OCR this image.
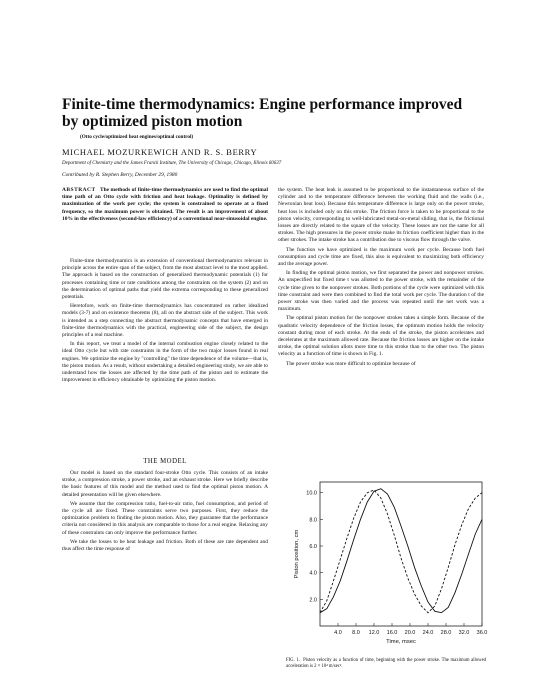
Finite-time thermodynamics: Engine performance improved by optimized piston motion
(Otto cycle/optimized heat engines/optimal control)
MICHAEL MOZURKEWICH AND R. S. BERRY
Department of Chemistry and the James Franck Institute, The University of Chicago, Chicago, Illinois 60637
Contributed by R. Stephen Berry, December 29, 1980

ABSTRACT The methods of finite-time thermodynamics are used to find the optimal time path of an Otto cycle with friction and heat leakage. Optimality is defined by maximization of the work per cycle; the system is constrained to operate at a fixed frequency, so the maximum power is obtained. The result is an improvement of about 10% in the effectiveness (second-law efficiency) of a conventional near-sinusoidal engine.

Finite-time thermodynamics is an extension of conventional thermodynamics relevant in principle across the entire span of the subject, from the most abstract level to the most applied. The approach is based on the construction of generalized thermodynamic potentials (1) for processes containing time or rate conditions among the constraints on the system (2) and on the determination of optimal paths that yield the extrema corresponding to these generalized potentials.

Heretofore, work on finite-time thermodynamics has concentrated on rather idealized models (3-7) and on existence theorems (8), all on the abstract side of the subject. This work is intended as a step connecting the abstract thermodynamic concepts that have emerged in finite-time thermodynamics with the practical, engineering side of the subject, the design principles of a real machine.

In this report, we treat a model of the internal combustion engine closely related to the ideal Otto cycle but with rate constraints in the form of the two major losses found in real engines. We optimize the engine by "controlling" the time dependence of the volume—that is, the piston motion. As a result, without undertaking a detailed engineering study, we are able to understand how the losses are affected by the time path of the piston and to estimate the improvement in efficiency obtainable by optimizing the piston motion.

THE MODEL

Our model is based on the standard four-stroke Otto cycle. This consists of an intake stroke, a compression stroke, a power stroke, and an exhaust stroke. Here we briefly describe the basic features of this model and the method used to find the optimal piston motion. A detailed presentation will be given elsewhere.

We assume that the compression ratio, fuel-to-air ratio, fuel consumption, and period of the cycle all are fixed. These constraints serve two purposes. First, they reduce the optimization problem to finding the piston motion. Also, they guarantee that the performance criteria not considered in this analysis are comparable to those for a real engine. Relaxing any of these constraints can only improve the performance further.

We take the losses to be heat leakage and friction. Both of these are rate dependent and thus affect the time response of

the system. The heat leak is assumed to be proportional to the instantaneous surface of the cylinder and to the temperature difference between the working fluid and the walls (i.e., Newtonian heat loss). Because this temperature difference is large only on the power stroke, heat loss is included only on this stroke. The friction force is taken to be proportional to the piston velocity, corresponding to well-lubricated metal-on-metal sliding, that is, the frictional losses are directly related to the square of the velocity. These losses are not the same for all strokes. The high pressures in the power stroke make its friction coefficient higher than in the other strokes. The intake stroke has a contribution due to viscous flow through the valve.

The function we have optimized is the maximum work per cycle. Because both fuel consumption and cycle time are fixed, this also is equivalent to maximizing both efficiency and the average power.

In finding the optimal piston motion, we first separated the power and nonpower strokes. An unspecified but fixed time t was allotted to the power stroke, with the remainder of the cycle time given to the nonpower strokes. Both portions of the cycle were optimized with this time constraint and were then combined to find the total work per cycle. The duration t of the power stroke was then varied and the process was repeated until the net work was a maximum.

The optimal piston motion for the nonpower strokes takes a simple form. Because of the quadratic velocity dependence of the friction losses, the optimum motion holds the velocity constant during most of each stroke. At the ends of the stroke, the piston accelerates and decelerates at the maximum allowed rate. Because the friction losses are higher on the intake stroke, the optimal solution allots more time to this stroke than to the other two. The piston velocity as a function of time is shown in Fig. 1.

The power stroke was more difficult to optimize because of

4.0 8.0 12.0 16.0 20.0 24.0 28.0 32.0 36.0
2.0
4.0
6.0
8.0
10.0
Time, msec
Piston position, cm
FIG. 1. Piston velocity as a function of time, beginning with the power stroke. The maximum allowed acceleration is 2 × 10⁴ m/sec².
